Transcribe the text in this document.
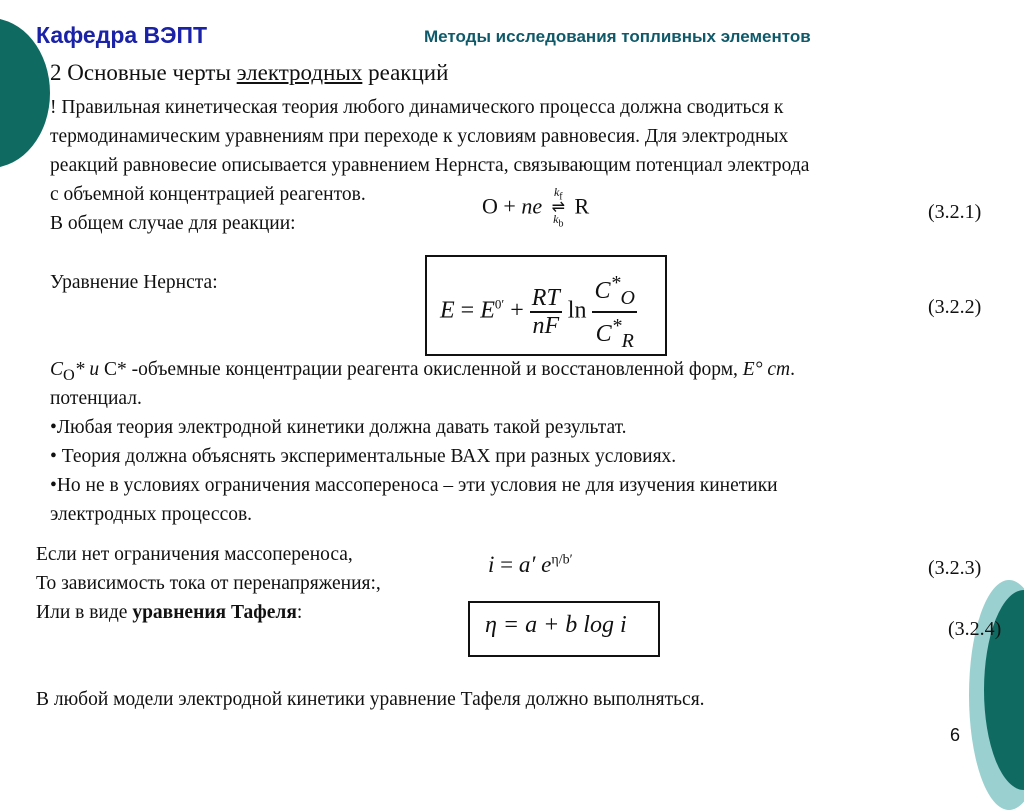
Кафедра ВЭПТ	Методы исследования топливных элементов
2 Основные черты электродных реакций
! Правильная кинетическая теория любого динамического процесса должна сводиться к
термодинамическим уравнениям при переходе к условиям равновесия. Для электродных
реакций равновесие описывается уравнением Нернста, связывающим потенциал электрода
с объемной концентрацией реагентов.
В общем случае для реакции:
O + ne
$k_f$
⇌
$k_b$
R	(3.2.1)
Уравнение Нернста:
$E = E^{0'} + \frac{RT}{nF}$ $\ln \frac{C^*_O}{C^*_R}$	(3.2.2)
$C_O*$ и C* -объемные концентрации реагента окисленной и восстановленной форм, E° ст.
потенциал.
•Любая теория электродной кинетики должна давать такой результат.
• Теория должна объяснять экспериментальные ВАХ при разных условиях.
•Но не в условиях ограничения массопереноса – эти условия не для изучения кинетики
электродных процессов.
Если нет ограничения массопереноса,
То зависимость тока от перенапряжения:,
Или в виде уравнения Тафеля:
i = a′ $e^{\eta/b'}$	(3.2.3)
η = a + b log i	(3.2.4)
В любой модели электродной кинетики уравнение Тафеля должно выполняться.
6
